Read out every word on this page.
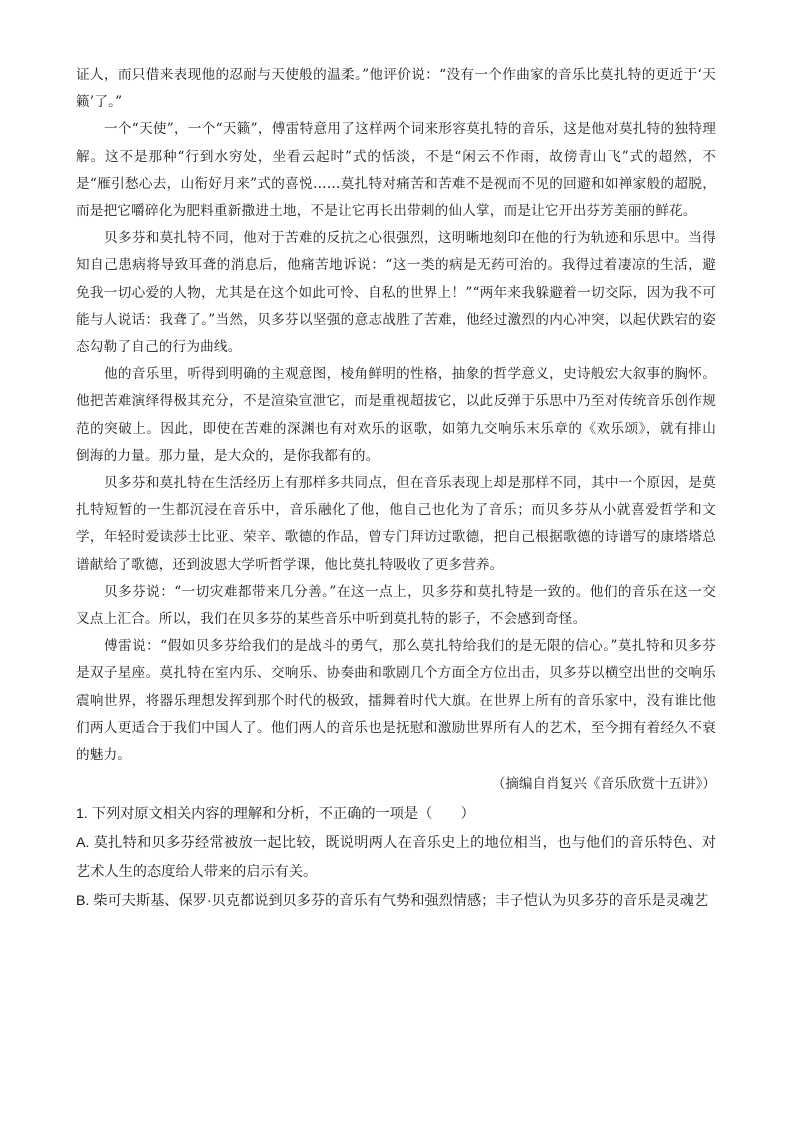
证人，而只借来表现他的忍耐与天使般的温柔。”他评价说：“没有一个作曲家的音乐比莫扎特的更近于‘天籁’了。”

一个“天使”，一个“天籁”，傅雷特意用了这样两个词来形容莫扎特的音乐，这是他对莫扎特的独特理解。这不是那种“行到水穷处，坐看云起时”式的恬淡，不是“闲云不作雨，故傍青山飞”式的超然，不是“雁引愁心去，山衔好月来”式的喜悦……莫扎特对痛苦和苦难不是视而不见的回避和如禅家般的超脱，而是把它嚼碎化为肥料重新撒进土地，不是让它再长出带刺的仙人掌，而是让它开出芬芳美丽的鲜花。

贝多芬和莫扎特不同，他对于苦难的反抗之心很强烈，这明晰地刻印在他的行为轨迹和乐思中。当得知自己患病将导致耳聋的消息后，他痛苦地诉说：“这一类的病是无药可治的。我得过着凄凉的生活，避免我一切心爱的人物，尤其是在这个如此可怜、自私的世界上！”“两年来我躲避着一切交际，因为我不可能与人说话：我聋了。”当然，贝多芬以坚强的意志战胜了苦难，他经过激烈的内心冲突，以起伏跌宕的姿态勾勒了自己的行为曲线。

他的音乐里，听得到明确的主观意图，棱角鲜明的性格，抽象的哲学意义，史诗般宏大叙事的胸怀。他把苦难演绎得极其充分，不是渲染宣泄它，而是重视超拔它，以此反弹于乐思中乃至对传统音乐创作规范的突破上。因此，即使在苦难的深渊也有对欢乐的讴歌，如第九交响乐末乐章的《欢乐颂》，就有排山倒海的力量。那力量，是大众的，是你我都有的。

贝多芬和莫扎特在生活经历上有那样多共同点，但在音乐表现上却是那样不同，其中一个原因，是莫扎特短暂的一生都沉浸在音乐中，音乐融化了他，他自己也化为了音乐；而贝多芬从小就喜爱哲学和文学，年轻时爱读莎士比亚、荣辛、歌德的作品，曾专门拜访过歌德，把自己根据歌德的诗谱写的康塔塔总谱献给了歌德，还到波恩大学听哲学课，他比莫扎特吸收了更多营养。

贝多芬说：“一切灾难都带来几分善。”在这一点上，贝多芬和莫扎特是一致的。他们的音乐在这一交叉点上汇合。所以，我们在贝多芬的某些音乐中听到莫扎特的影子，不会感到奇怪。

傅雷说：“假如贝多芬给我们的是战斗的勇气，那么莫扎特给我们的是无限的信心。”莫扎特和贝多芬是双子星座。莫扎特在室内乐、交响乐、协奏曲和歌剧几个方面全方位出击，贝多芬以横空出世的交响乐震响世界，将器乐理想发挥到那个时代的极致，擂舞着时代大旗。在世界上所有的音乐家中，没有谁比他们两人更适合于我们中国人了。他们两人的音乐也是抚慰和激励世界所有人的艺术，至今拥有着经久不衰的魅力。

（摘编自肖复兴《音乐欣赏十五讲》）

1. 下列对原文相关内容的理解和分析，不正确的一项是（　　）

A. 莫扎特和贝多芬经常被放一起比较，既说明两人在音乐史上的地位相当，也与他们的音乐特色、对艺术人生的态度给人带来的启示有关。

B. 柴可夫斯基、保罗·贝克都说到贝多芬的音乐有气势和强烈情感；丰子恺认为贝多芬的音乐是灵魂艺
